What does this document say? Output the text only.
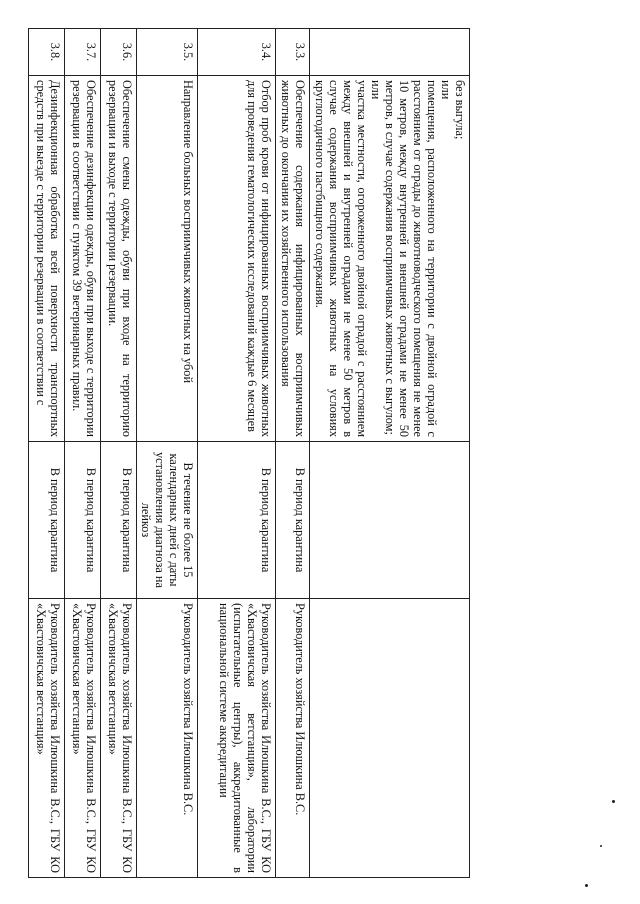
	без выгула;
или
помещения, расположенного на территории с двойной оградой с расстоянием от ограды до животноводческого помещения не менее 10 метров, между внутренней и внешней оградами не менее 50 метров, в случае содержания восприимчивых животных с выгулом;
или
участка местности, огороженного двойной оградой с расстоянием между внешней и внутренней оградами не менее 50 метров в случае содержания восприимчивых животных на условиях круглогодичного пастбищного содержания.		

3.3.	Обеспечение содержания инфицированных восприимчивых животных до окончания их хозяйственного использования	В период карантина	Руководитель хозяйства Илюшкина В.С.
3.4.	Отбор проб крови от инфицированных восприимчивых животных для проведения гематологических исследований каждые 6 месяцев	В период карантина	Руководитель хозяйства Илюшкина В.С., ГБУ КО «Хвастовичская ветстанция», лаборатории (испытательные центры), аккредитованные в национальной системе аккредитации
3.5.	Направление больных восприимчивых животных на убой	В течение не более 15 календарных дней с даты установления диагноза на лейкоз	Руководитель хозяйства Илюшкина В.С.
3.6.	Обеспечение смены одежды, обуви при входе на территорию резервации и выходе с территории резервации.	В период карантина	Руководитель хозяйства Илюшкина В.С., ГБУ КО «Хвастовичская ветстанция»
3.7.	Обеспечение дезинфекции одежды, обуви при выходе с территории резервации в соответствии с пунктом 39 ветеринарных правил.	В период карантина	Руководитель хозяйства Илюшкина В.С., ГБУ КО «Хвастовичская ветстанция»
3.8.	Дезинфекционная обработка всей поверхности транспортных средств при выезде с территории резервации в соответствии с	В период карантина	Руководитель хозяйства Илюшкина В.С., ГБУ КО «Хвастовичская ветстанция»
